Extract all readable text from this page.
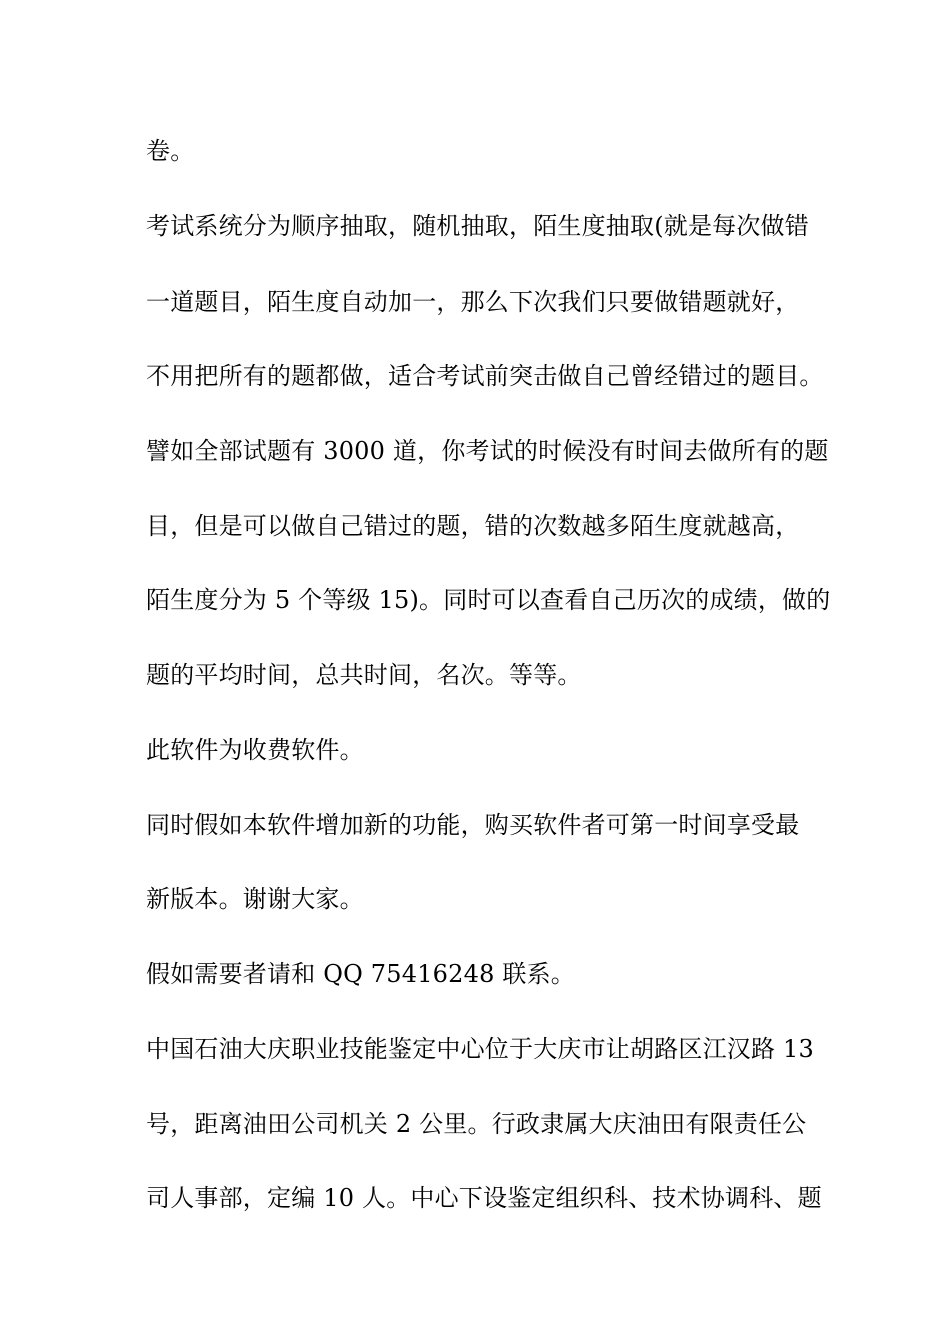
卷。
考试系统分为顺序抽取，随机抽取，陌生度抽取(就是每次做错
一道题目，陌生度自动加一，那么下次我们只要做错题就好，
不用把所有的题都做，适合考试前突击做自己曾经错过的题目。
譬如全部试题有 3000 道，你考试的时候没有时间去做所有的题
目，但是可以做自己错过的题，错的次数越多陌生度就越高，
陌生度分为 5 个等级 15)。同时可以查看自己历次的成绩，做的
题的平均时间，总共时间，名次。等等。
此软件为收费软件。
同时假如本软件增加新的功能，购买软件者可第一时间享受最
新版本。谢谢大家。
假如需要者请和 QQ 75416248 联系。
中国石油大庆职业技能鉴定中心位于大庆市让胡路区江汉路 13
号，距离油田公司机关 2 公里。行政隶属大庆油田有限责任公
司人事部，定编 10 人。中心下设鉴定组织科、技术协调科、题
